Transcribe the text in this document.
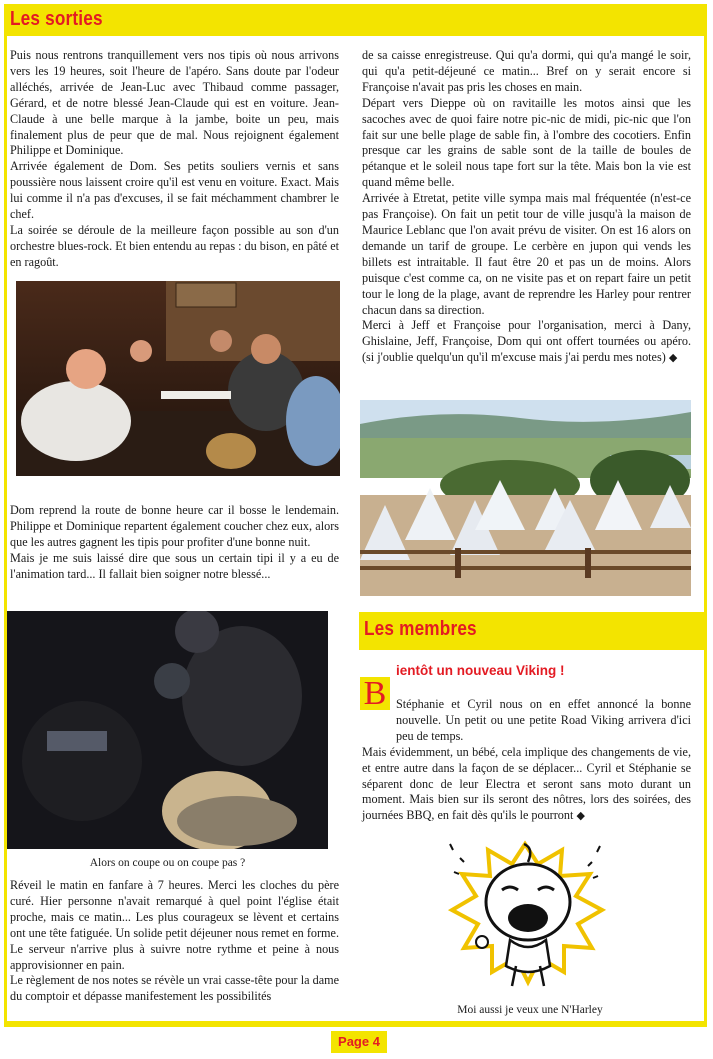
Les sorties

Puis nous rentrons tranquillement vers nos tipis où nous arrivons vers les 19 heures, soit l'heure de l'apéro. Sans doute par l'odeur alléchés, arrivée de Jean-Luc avec Thibaud comme passager, Gérard, et de notre blessé Jean-Claude qui est en voiture. Jean-Claude à une belle marque à la jambe, boite un peu, mais finalement plus de peur que de mal. Nous rejoignent également Philippe et Dominique.

Arrivée également de Dom. Ses petits souliers vernis et sans poussière nous laissent croire qu'il est venu en voiture. Exact. Mais lui comme il n'a pas d'excuses, il se fait méchamment chambrer le chef.

La soirée se déroule de la meilleure façon possible au son d'un orchestre blues-rock. Et bien entendu au repas : du bison, en pâté et en ragoût.

Dom reprend la route de bonne heure car il bosse le lendemain. Philippe et Dominique repartent également coucher chez eux, alors que les autres gagnent les tipis pour profiter d'une bonne nuit.

Mais je me suis laissé dire que sous un certain tipi il y a eu de l'animation tard... Il fallait bien soigner notre blessé...

Alors on coupe ou on coupe pas ?

Réveil le matin en fanfare à 7 heures. Merci les cloches du père curé. Hier personne n'avait remarqué à quel point l'église était proche, mais ce matin... Les plus courageux se lèvent et certains ont une tête fatiguée. Un solide petit déjeuner nous remet en forme. Le serveur n'arrive plus à suivre notre rythme et peine à nous approvisionner en pain.

Le règlement de nos notes se révèle un vrai casse-tête pour la dame du comptoir et dépasse manifestement les possibilités

de sa caisse enregistreuse. Qui qu'a dormi, qui qu'a mangé le soir, qui qu'a petit-déjeuné ce matin... Bref on y serait encore si Françoise n'avait pas pris les choses en main.

Départ vers Dieppe où on ravitaille les motos ainsi que les sacoches avec de quoi faire notre pic-nic de midi, pic-nic que l'on fait sur une belle plage de sable fin, à l'ombre des cocotiers. Enfin presque car les grains de sable sont de la taille de boules de pétanque et le soleil nous tape fort sur la tête. Mais bon la vie est quand même belle.

Arrivée à Etretat, petite ville sympa mais mal fréquentée (n'est-ce pas Françoise). On fait un petit tour de ville jusqu'à la maison de Maurice Leblanc que l'on avait prévu de visiter. On est 16 alors on demande un tarif de groupe. Le cerbère en jupon qui vends les billets est intraitable. Il faut être 20 et pas un de moins. Alors puisque c'est comme ca, on ne visite pas et on repart faire un petit tour le long de la plage, avant de reprendre les Harley pour rentrer chacun dans sa direction.

Merci à Jeff et Françoise pour l'organisation, merci à Dany, Ghislaine, Jeff, Françoise, Dom qui ont offert tournées ou apéro. (si j'oublie quelqu'un qu'il m'excuse mais j'ai perdu mes notes) ◆

Les membres
B
ientôt un nouveau Viking !

Stéphanie et Cyril nous on en effet annoncé la bonne nouvelle. Un petit ou une petite Road Viking arrivera d'ici peu de temps.

Mais évidemment, un bébé, cela implique des changements de vie, et entre autre dans la façon de se déplacer... Cyril et Stéphanie se séparent donc de leur Electra et seront sans moto durant un moment. Mais bien sur ils seront des nôtres, lors des soirées, des journées BBQ, en fait dès qu'ils le pourront ◆

Moi aussi je veux une N'Harley
Page 4
